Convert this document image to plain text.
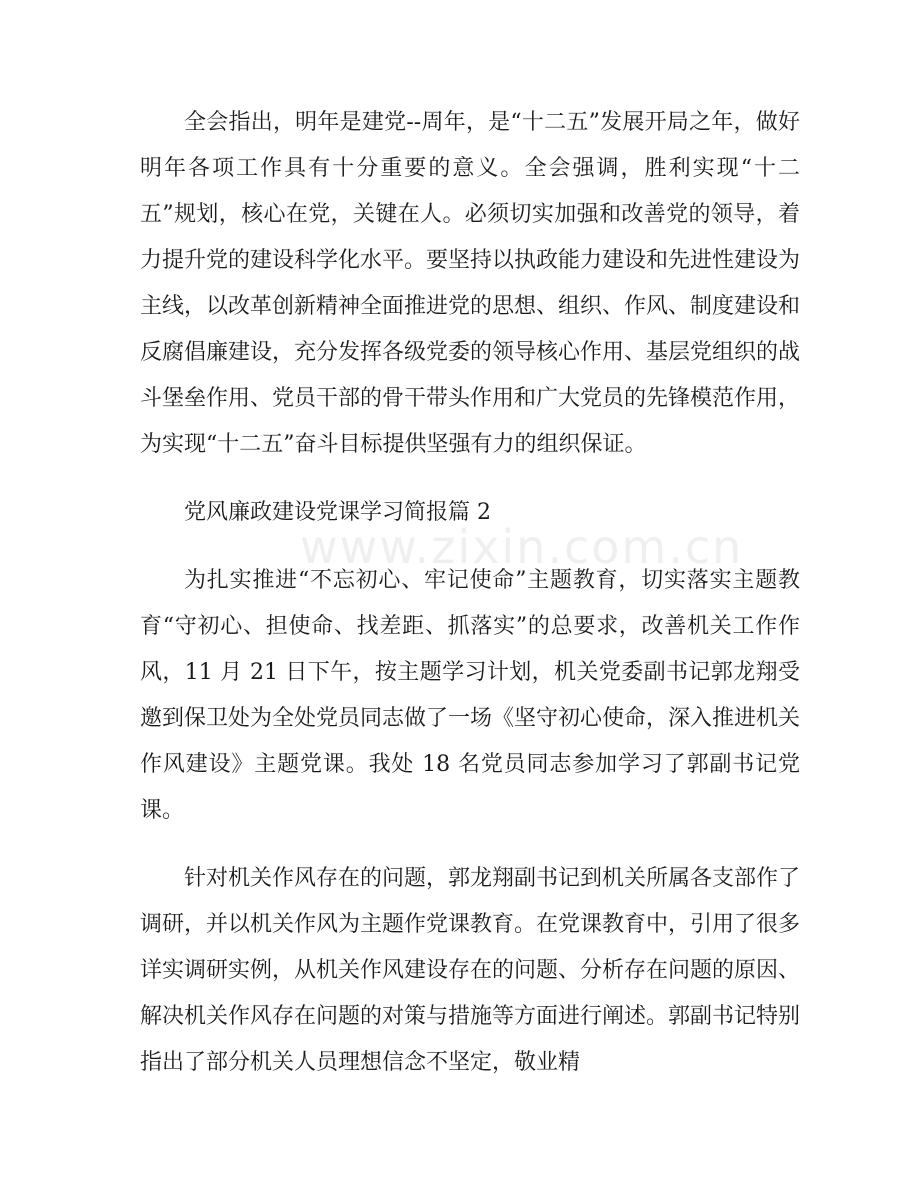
全会指出，明年是建党--周年，是“十二五”发展开局之年，做好明年各项工作具有十分重要的意义。全会强调，胜利实现“十二五”规划，核心在党，关键在人。必须切实加强和改善党的领导，着力提升党的建设科学化水平。要坚持以执政能力建设和先进性建设为主线，以改革创新精神全面推进党的思想、组织、作风、制度建设和反腐倡廉建设，充分发挥各级党委的领导核心作用、基层党组织的战斗堡垒作用、党员干部的骨干带头作用和广大党员的先锋模范作用，为实现“十二五”奋斗目标提供坚强有力的组织保证。

党风廉政建设党课学习简报篇 2

为扎实推进“不忘初心、牢记使命”主题教育，切实落实主题教育“守初心、担使命、找差距、抓落实”的总要求，改善机关工作作风，11 月 21 日下午，按主题学习计划，机关党委副书记郭龙翔受邀到保卫处为全处党员同志做了一场《坚守初心使命，深入推进机关作风建设》主题党课。我处 18 名党员同志参加学习了郭副书记党课。

针对机关作风存在的问题，郭龙翔副书记到机关所属各支部作了调研，并以机关作风为主题作党课教育。在党课教育中，引用了很多详实调研实例，从机关作风建设存在的问题、分析存在问题的原因、解决机关作风存在问题的对策与措施等方面进行阐述。郭副书记特别指出了部分机关人员理想信念不坚定，敬业精

www.zixin.com.cn
